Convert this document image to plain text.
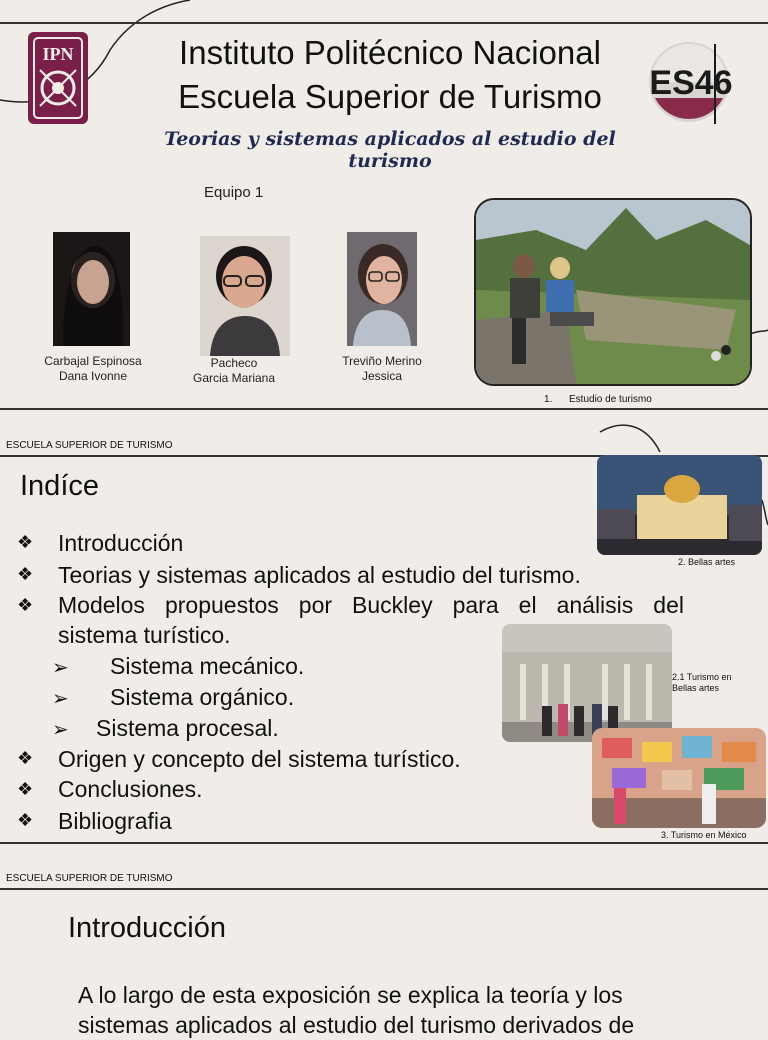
IPN	Instituto Politécnico Nacional
Escuela Superior de Turismo
Teorias y sistemas aplicados al estudio del turismo
ES46
Equipo 1
Carbajal Espinosa
Dana Ivonne
Pacheco
Garcia Mariana
Treviño Merino
Jessica
1.      Estudio de turismo
ESCUELA SUPERIOR DE TURISMO
ESCUELA SUPERIOR DE TURISMO
Indíce
❖ Introducción
❖ Teorias y sistemas aplicados al estudio del turismo.
❖ Modelos propuestos por Buckley para el análisis del
sistema turístico.
➢ Sistema mecánico.
➢ Sistema orgánico.
➢ Sistema procesal.
❖ Origen y concepto del sistema turístico.
❖ Conclusiones.
❖ Bibliografia
2. Bellas artes
2.1 Turismo en
Bellas artes
3. Turismo en México
Introducción
A lo largo de esta exposición se explica la teoría y los
sistemas aplicados al estudio del turismo derivados de
